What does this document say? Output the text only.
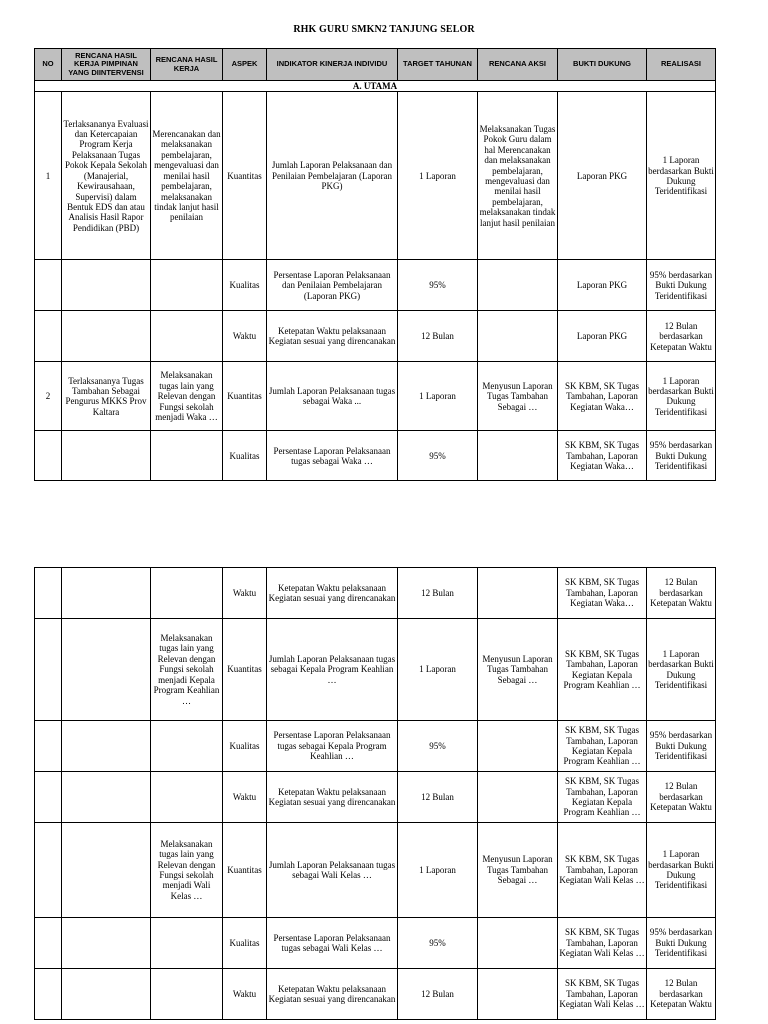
RHK GURU SMKN2 TANJUNG SELOR
NO	RENCANA HASIL KERJA PIMPINAN YANG DIINTERVENSI	RENCANA HASIL KERJA	ASPEK	INDIKATOR KINERJA INDIVIDU	TARGET TAHUNAN	RENCANA AKSI	BUKTI DUKUNG	REALISASI
A. UTAMA								
1	Terlaksananya Evaluasi dan Ketercapaian Program Kerja Pelaksanaan Tugas Pokok Kepala Sekolah (Manajerial, Kewirausahaan, Supervisi) dalam Bentuk EDS dan atau Analisis Hasil Rapor Pendidikan (PBD)	Merencanakan dan melaksanakan pembelajaran, mengevaluasi dan menilai hasil pembelajaran, melaksanakan tindak lanjut hasil penilaian	Kuantitas	Jumlah Laporan Pelaksanaan dan Penilaian Pembelajaran (Laporan PKG)	1 Laporan	Melaksanakan Tugas Pokok Guru dalam hal Merencanakan dan melaksanakan pembelajaran, mengevaluasi dan menilai hasil pembelajaran, melaksanakan tindak lanjut hasil penilaian	Laporan PKG	1 Laporan berdasarkan Bukti Dukung Teridentifikasi
			Kualitas	Persentase Laporan Pelaksanaan dan Penilaian Pembelajaran (Laporan PKG)	95%		Laporan PKG	95% berdasarkan Bukti Dukung Teridentifikasi
			Waktu	Ketepatan Waktu pelaksanaan Kegiatan sesuai yang direncanakan	12 Bulan		Laporan PKG	12 Bulan berdasarkan Ketepatan Waktu
2	Terlaksananya Tugas Tambahan Sebagai Pengurus MKKS Prov Kaltara	Melaksanakan tugas lain yang Relevan dengan Fungsi sekolah menjadi Waka …	Kuantitas	Jumlah Laporan Pelaksanaan tugas sebagai Waka ...	1 Laporan	Menyusun Laporan Tugas Tambahan Sebagai …	SK KBM, SK Tugas Tambahan, Laporan Kegiatan Waka…	1 Laporan berdasarkan Bukti Dukung Teridentifikasi
			Kualitas	Persentase Laporan Pelaksanaan tugas sebagai Waka …	95%		SK KBM, SK Tugas Tambahan, Laporan Kegiatan Waka…	95% berdasarkan Bukti Dukung Teridentifikasi
			Waktu	Ketepatan Waktu pelaksanaan Kegiatan sesuai yang direncanakan	12 Bulan		SK KBM, SK Tugas Tambahan, Laporan Kegiatan Waka…	12 Bulan berdasarkan Ketepatan Waktu
		Melaksanakan tugas lain yang Relevan dengan Fungsi sekolah menjadi Kepala Program Keahlian …	Kuantitas	Jumlah Laporan Pelaksanaan tugas sebagai Kepala Program Keahlian …	1 Laporan	Menyusun Laporan Tugas Tambahan Sebagai …	SK KBM, SK Tugas Tambahan, Laporan Kegiatan Kepala Program Keahlian …	1 Laporan berdasarkan Bukti Dukung Teridentifikasi
			Kualitas	Persentase Laporan Pelaksanaan tugas sebagai Kepala Program Keahlian …	95%		SK KBM, SK Tugas Tambahan, Laporan Kegiatan Kepala Program Keahlian …	95% berdasarkan Bukti Dukung Teridentifikasi
			Waktu	Ketepatan Waktu pelaksanaan Kegiatan sesuai yang direncanakan	12 Bulan		SK KBM, SK Tugas Tambahan, Laporan Kegiatan Kepala Program Keahlian …	12 Bulan berdasarkan Ketepatan Waktu
		Melaksanakan tugas lain yang Relevan dengan Fungsi sekolah menjadi Wali Kelas …	Kuantitas	Jumlah Laporan Pelaksanaan tugas sebagai Wali Kelas …	1 Laporan	Menyusun Laporan Tugas Tambahan Sebagai …	SK KBM, SK Tugas Tambahan, Laporan Kegiatan Wali Kelas …	1 Laporan berdasarkan Bukti Dukung Teridentifikasi
			Kualitas	Persentase Laporan Pelaksanaan tugas sebagai Wali Kelas …	95%		SK KBM, SK Tugas Tambahan, Laporan Kegiatan Wali Kelas …	95% berdasarkan Bukti Dukung Teridentifikasi
			Waktu	Ketepatan Waktu pelaksanaan Kegiatan sesuai yang direncanakan	12 Bulan		SK KBM, SK Tugas Tambahan, Laporan Kegiatan Wali Kelas …	12 Bulan berdasarkan Ketepatan Waktu
